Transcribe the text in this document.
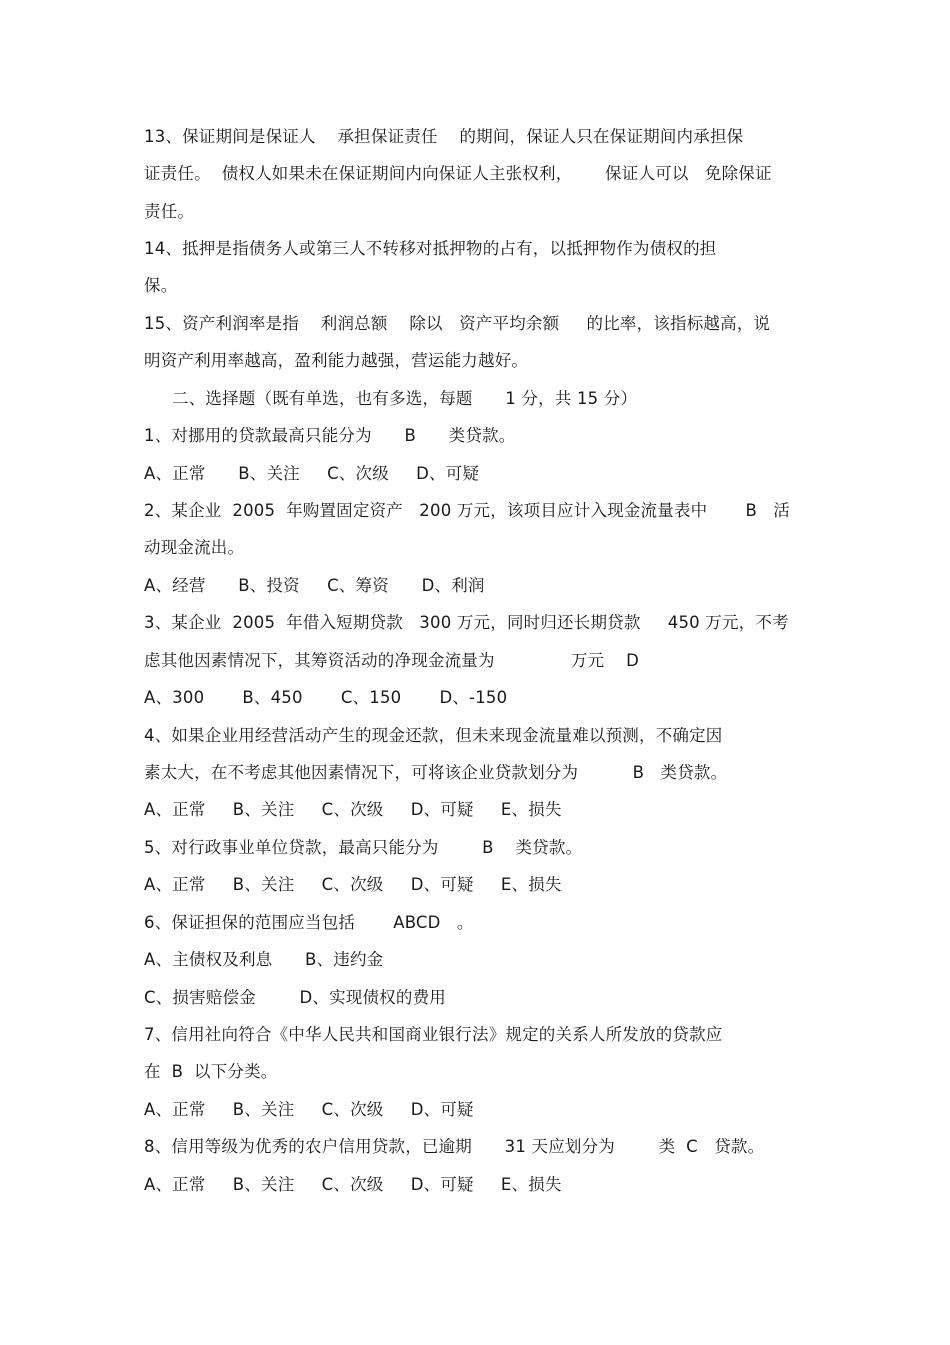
13、保证期间是保证人    承担保证责任    的期间，保证人只在保证期间内承担保

证责任。  债权人如果未在保证期间内向保证人主张权利，      保证人可以   免除保证

责任。

14、抵押是指债务人或第三人不转移对抵押物的占有，以抵押物作为债权的担

保。

15、资产利润率是指    利润总额    除以   资产平均余额     的比率，该指标越高，说

明资产利用率越高，盈利能力越强，营运能力越好。

二、选择题（既有单选，也有多选，每题      1 分，共 15 分）

1、对挪用的贷款最高只能分为      B      类贷款。

A、正常      B、关注     C、次级     D、可疑

2、某企业  2005  年购置固定资产   200 万元，该项目应计入现金流量表中       B   活

动现金流出。

A、经营      B、投资     C、筹资      D、利润

3、某企业  2005  年借入短期贷款   300 万元，同时归还长期贷款     450 万元，不考

虑其他因素情况下，其筹资活动的净现金流量为              万元    D

A、300       B、450       C、150       D、-150

4、如果企业用经营活动产生的现金还款，但未来现金流量难以预测，不确定因

素太大，在不考虑其他因素情况下，可将该企业贷款划分为          B   类贷款。

A、正常     B、关注     C、次级     D、可疑     E、损失

5、对行政事业单位贷款，最高只能分为        B    类贷款。

A、正常     B、关注     C、次级     D、可疑     E、损失

6、保证担保的范围应当包括       ABCD   。

A、主债权及利息      B、违约金

C、损害赔偿金        D、实现债权的费用

7、信用社向符合《中华人民共和国商业银行法》规定的关系人所发放的贷款应

在  B  以下分类。

A、正常     B、关注     C、次级     D、可疑

8、信用等级为优秀的农户信用贷款，已逾期      31 天应划分为        类  C   贷款。

A、正常     B、关注     C、次级     D、可疑     E、损失
